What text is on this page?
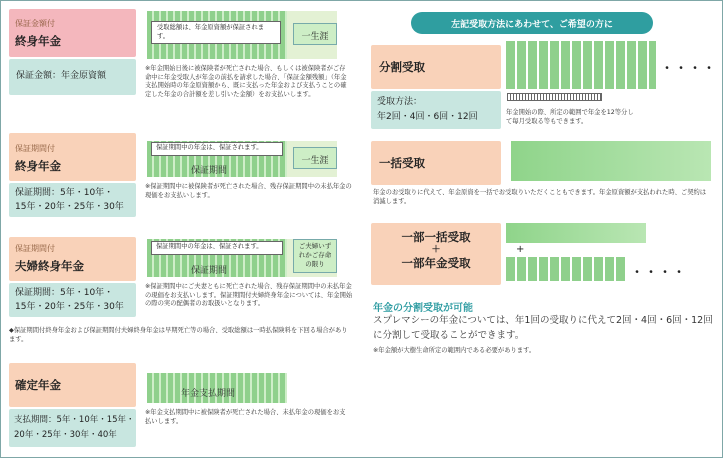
保証金額付
終身年金
保証金額：年金原資額
受取総額は、年金原資額が保証されます。	一生涯
※年金開始日後に被保険者が死亡された場合、もしくは被保険者がご存命中に年金受取人が年金の前払を請求した場合、「保証金額残額」（年金支払開始時の年金原資額から、既に支払った年金および支払うことの確定した年金の合計額を差し引いた金額）をお支払いします。
保証期間付
終身年金
保証期間：5年・10年・
15年・20年・25年・30年
保証期間中の年金は、保証されます。
保証期間
一生涯
※保証期間中に被保険者が死亡された場合、残存保証期間中の未払年金の現価をお支払いします。
保証期間付
夫婦終身年金
保証期間：5年・10年・
15年・20年・25年・30年
保証期間中の年金は、保証されます。
保証期間
ご夫婦いずれかご存命の限り
※保証期間中にご夫妻ともに死亡された場合、残存保証期間中の未払年金の現価をお支払いします。保証期間付夫婦終身年金については、年金開始の際の実の配偶者のお取扱いとなります。
◆保証期間付終身年金および保証期間付夫婦終身年金は早期死亡等の場合、受取総額は一時払保険料を下回る場合があります。
確定年金
支払期間：5年・10年・15年・
20年・25年・30年・40年
年金支払期間
※年金支払期間中に被保険者が死亡された場合、未払年金の現価をお支払いします。
左記受取方法にあわせて、ご希望の方に
分割受取	・・・・
受取方法：
年2回・4回・6回・12回	年金開始の際、所定の範囲で年金を12等分して毎月受取る等もできます。
一括受取
年金のお受取りに代えて、年金原資を一括でお受取りいただくこともできます。年金原資額が支払われた時、ご契約は消滅します。
一部一括受取
＋
一部年金受取
+
・・・・
年金の分割受取が可能
スプレマシーの年金については、年1回の受取りに代えて2回・4回・6回・12回に分割して受取ることができます。
※年金額が大樹生命所定の範囲内である必要があります。
